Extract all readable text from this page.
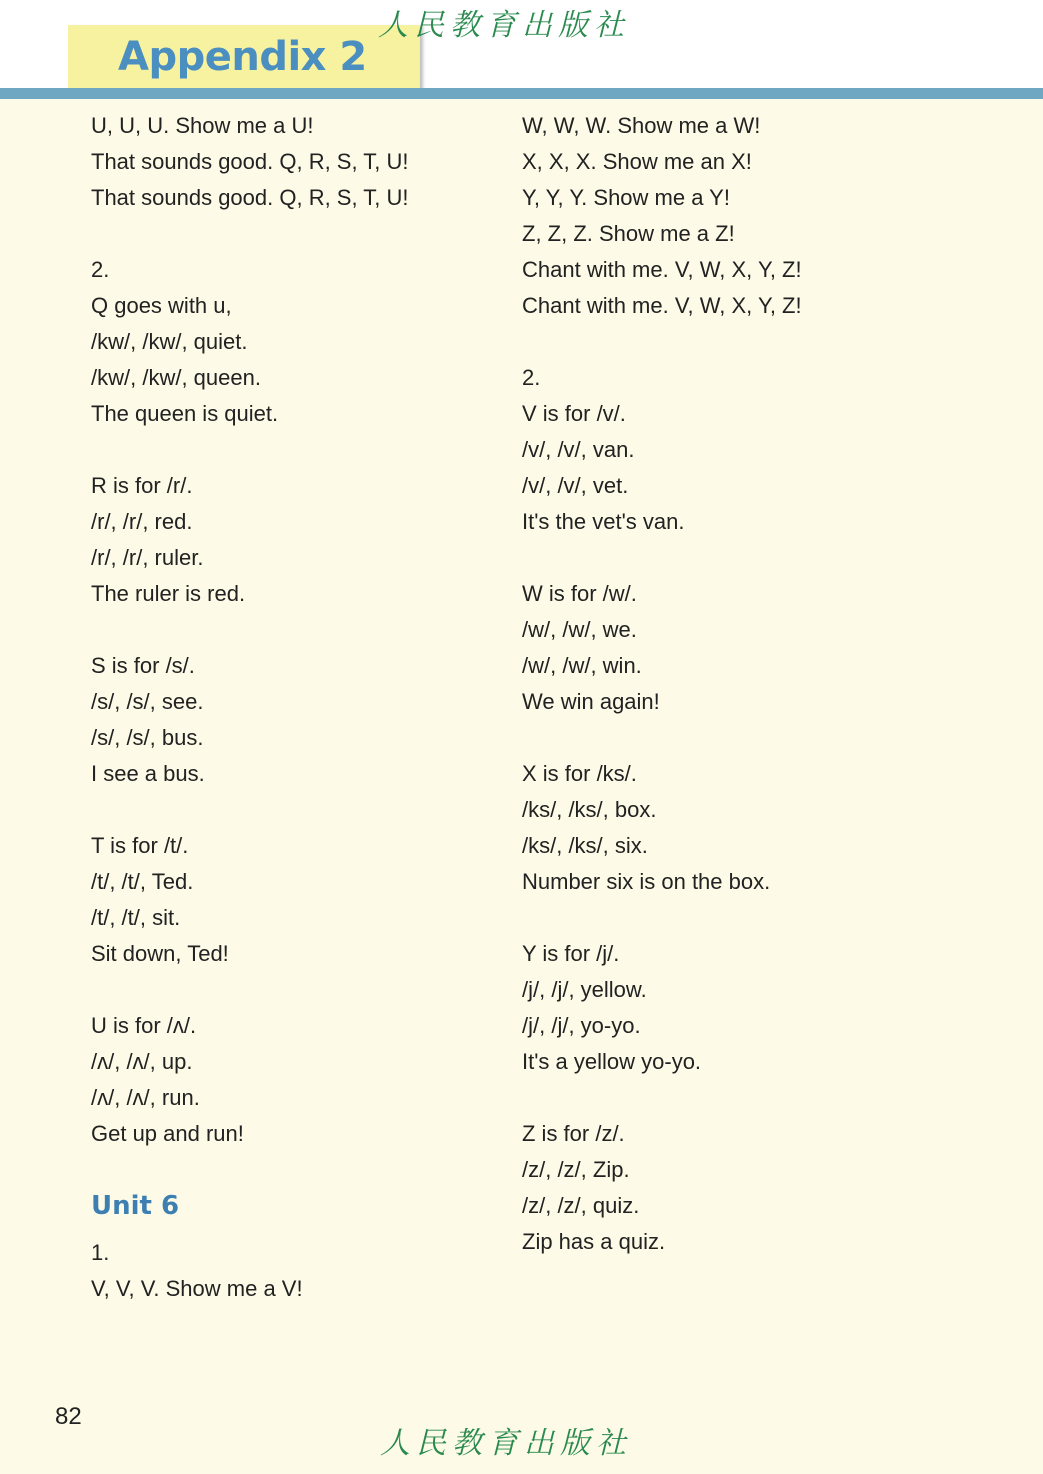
Appendix 2
人民教育出版社
U, U, U. Show me a U!
That sounds good. Q, R, S, T, U!
That sounds good. Q, R, S, T, U!
2.
Q goes with u,
/kw/, /kw/, quiet.
/kw/, /kw/, queen.
The queen is quiet.
R is for /r/.
/r/, /r/, red.
/r/, /r/, ruler.
The ruler is red.
S is for /s/.
/s/, /s/, see.
/s/, /s/, bus.
I see a bus.
T is for /t/.
/t/, /t/, Ted.
/t/, /t/, sit.
Sit down, Ted!
U is for /ʌ/.
/ʌ/, /ʌ/, up.
/ʌ/, /ʌ/, run.
Get up and run!
Unit 6
1.
V, V, V. Show me a V!
W, W, W. Show me a W!
X, X, X. Show me an X!
Y, Y, Y. Show me a Y!
Z, Z, Z. Show me a Z!
Chant with me. V, W, X, Y, Z!
Chant with me. V, W, X, Y, Z!
2.
V is for /v/.
/v/, /v/, van.
/v/, /v/, vet.
It's the vet's van.
W is for /w/.
/w/, /w/, we.
/w/, /w/, win.
We win again!
X is for /ks/.
/ks/, /ks/, box.
/ks/, /ks/, six.
Number six is on the box.
Y is for /j/.
/j/, /j/, yellow.
/j/, /j/, yo-yo.
It's a yellow yo-yo.
Z is for /z/.
/z/, /z/, Zip.
/z/, /z/, quiz.
Zip has a quiz.
82
人民教育出版社
